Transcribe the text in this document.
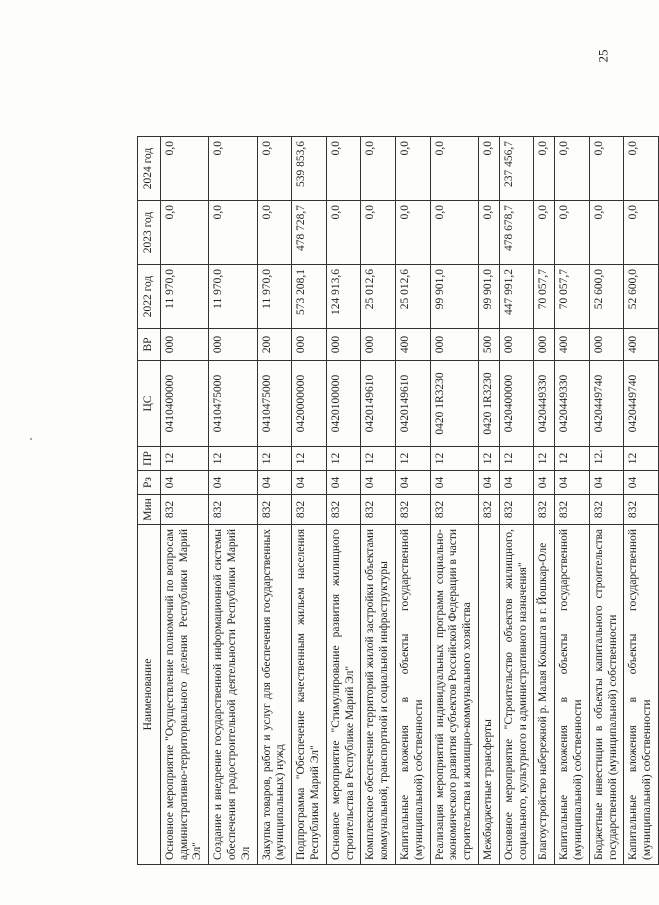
25
Наименование	Мин	Рз	ПР	ЦС	ВР	2022 год	2023 год	2024 год
Основное мероприятие "Осуществление полномочий по вопросам административно-территориального деления Республики Марий Эл"	832	04	12	0410400000	000	11 970,0	0,0	0,0
Создание и внедрение государственной информационной системы обеспечения градостроительной деятельности Республики Марий Эл	832	04	12	0410475000	000	11 970,0	0,0	0,0
Закупка товаров, работ и услуг для обеспечения государственных (муниципальных) нужд	832	04	12	0410475000	200	11 970,0	0,0	0,0
Подпрограмма "Обеспечение качественным жильем населения Республики Марий Эл"	832	04	12	0420000000	000	573 208,1	478 728,7	539 853,6
Основное мероприятие "Стимулирование развития жилищного строительства в Республике Марий Эл"	832	04	12	0420100000	000	124 913,6	0,0	0,0
Комплексное обеспечение территорий жилой застройки объектами коммунальной, транспортной и социальной инфраструктуры	832	04	12	0420149610	000	25 012,6	0,0	0,0
Капитальные вложения в объекты государственной (муниципальной) собственности	832	04	12	0420149610	400	25 012,6	0,0	0,0
Реализация мероприятий индивидуальных программ социально-экономического развития субъектов Российской Федерации в части строительства и жилищно-коммунального хозяйства	832	04	12	0420 1R3230	000	99 901,0	0,0	0,0
Межбюджетные трансферты	832	04	12	0420 1R3230	500	99 901,0	0,0	0,0
Основное мероприятие "Строительство объектов жилищного, социального, культурного и административного назначения"	832	04	12	0420400000	000	447 991,2	478 678,7	237 456,7
Благоустройство набережной р. Малая Кокшага в г. Йошкар-Оле	832	04	12	0420449330	000	70 057,7	0,0	0,0
Капитальные вложения в объекты государственной (муниципальной) собственности	832	04	12	0420449330	400	70 057,7	0,0	0,0
Бюджетные инвестиции в объекты капитального строительства государственной (муниципальной) собственности	832	04	12	0420449740	000	52 600,0	0,0	0,0
Капитальные вложения в объекты государственной (муниципальной) собственности	832	04	12	0420449740	400	52 600,0	0,0	0,0
